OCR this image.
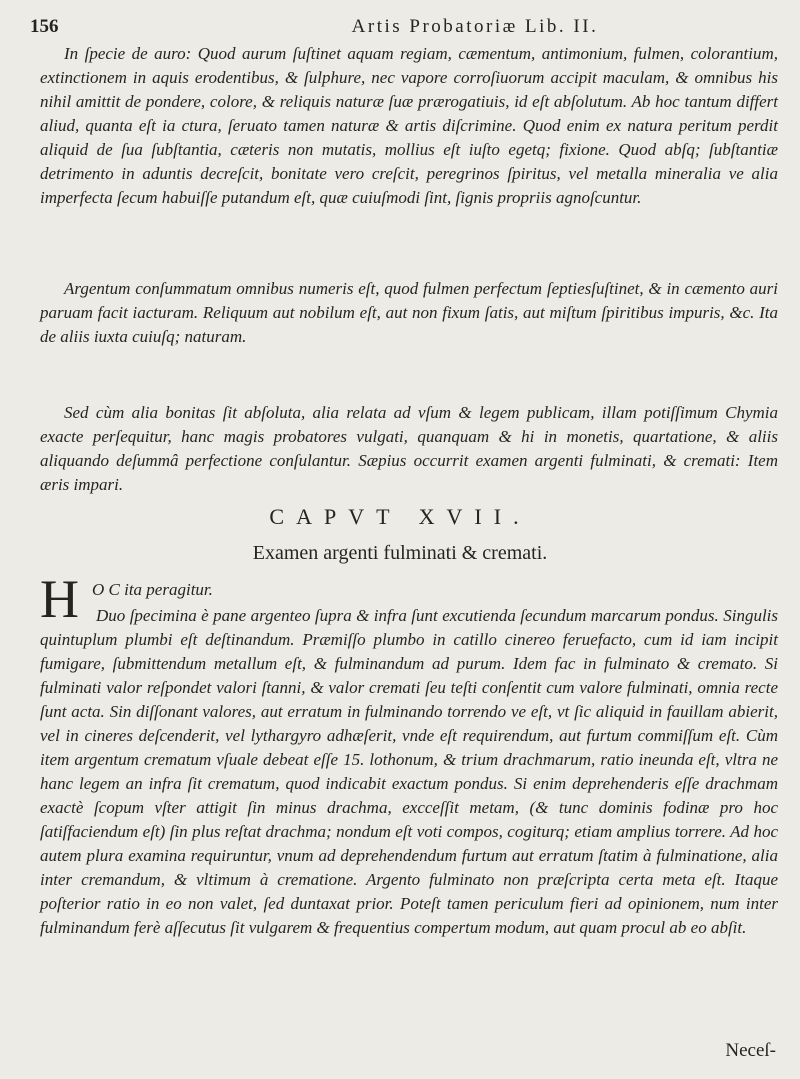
156	Artis Probatoriæ Lib. II.

In ſpecie de auro: Quod aurum ſuſtinet aquam regiam, cæmentum, antimonium, fulmen, colorantium, extinctionem in aquis erodentibus, & ſulphure, nec vapore corroſiuorum accipit maculam, & omnibus his nihil amittit de pondere, colore, & reliquis naturæ ſuæ prærogatiuis, id eſt abſolutum. Ab hoc tantum differt aliud, quanta eſt ia ctura, ſeruato tamen naturæ & artis diſcrimine. Quod enim ex natura peritum perdit aliquid de ſua ſubſtantia, cæteris non mutatis, mollius eſt iuſto egetq; fixione. Quod abſq; ſubſtantiæ detrimento in aduntis decreſcit, bonitate vero creſcit, peregrinos ſpiritus, vel metalla mineralia ve alia imperfecta ſecum habuiſſe putandum eſt, quæ cuiuſmodi ſint, ſignis propriis agnoſcuntur.

Argentum conſummatum omnibus numeris eſt, quod fulmen perfectum ſeptiesſuſtinet, & in cæmento auri paruam facit iacturam. Reliquum aut nobilum eſt, aut non fixum ſatis, aut miſtum ſpiritibus impuris, &c. Ita de aliis iuxta cuiuſq; naturam.

Sed cùm alia bonitas ſit abſoluta, alia relata ad vſum & legem publicam, illam potiſſimum Chymia exacte perſequitur, hanc magis probatores vulgati, quanquam & hi in monetis, quartatione, & aliis aliquando deſummâ perfectione conſulantur. Sæpius occurrit examen argenti fulminati, & cremati: Item æris impari.

CAPVT XVII.
Examen argenti fulminati & cremati.
H O C ita peragitur.

Duo ſpecimina è pane argenteo ſupra & infra ſunt excutienda ſecundum marcarum pondus. Singulis quintuplum plumbi eſt deſtinandum. Præmiſſo plumbo in catillo cinereo feruefacto, cum id iam incipit fumigare, ſubmittendum metallum eſt, & fulminandum ad purum. Idem fac in fulminato & cremato. Si fulminati valor reſpondet valori ſtanni, & valor cremati ſeu teſti conſentit cum valore fulminati, omnia recte ſunt acta. Sin diſſonant valores, aut erratum in fulminando torrendo ve eſt, vt ſic aliquid in fauillam abierit, vel in cineres deſcenderit, vel lythargyro adhæſerit, vnde eſt requirendum, aut furtum commiſſum eſt. Cùm item argentum crematum vſuale debeat eſſe 15. lothonum, & trium drachmarum, ratio ineunda eſt, vltra ne hanc legem an infra ſit crematum, quod indicabit exactum pondus. Si enim deprehenderis eſſe drachmam exactè ſcopum vſter attigit ſin minus drachma, excceſſit metam, (& tunc dominis fodinæ pro hoc ſatiſfaciendum eſt) ſin plus reſtat drachma; nondum eſt voti compos, cogiturq; etiam amplius torrere. Ad hoc autem plura examina requiruntur, vnum ad deprehendendum furtum aut erratum ſtatim à fulminatione, alia inter cremandum, & vltimum à crematione. Argento fulminato non præſcripta certa meta eſt. Itaque poſterior ratio in eo non valet, ſed duntaxat prior. Poteſt tamen periculum fieri ad opinionem, num inter fulminandum ferè aſſecutus ſit vulgarem & frequentius compertum modum, aut quam procul ab eo abſit.

Neceſ-
